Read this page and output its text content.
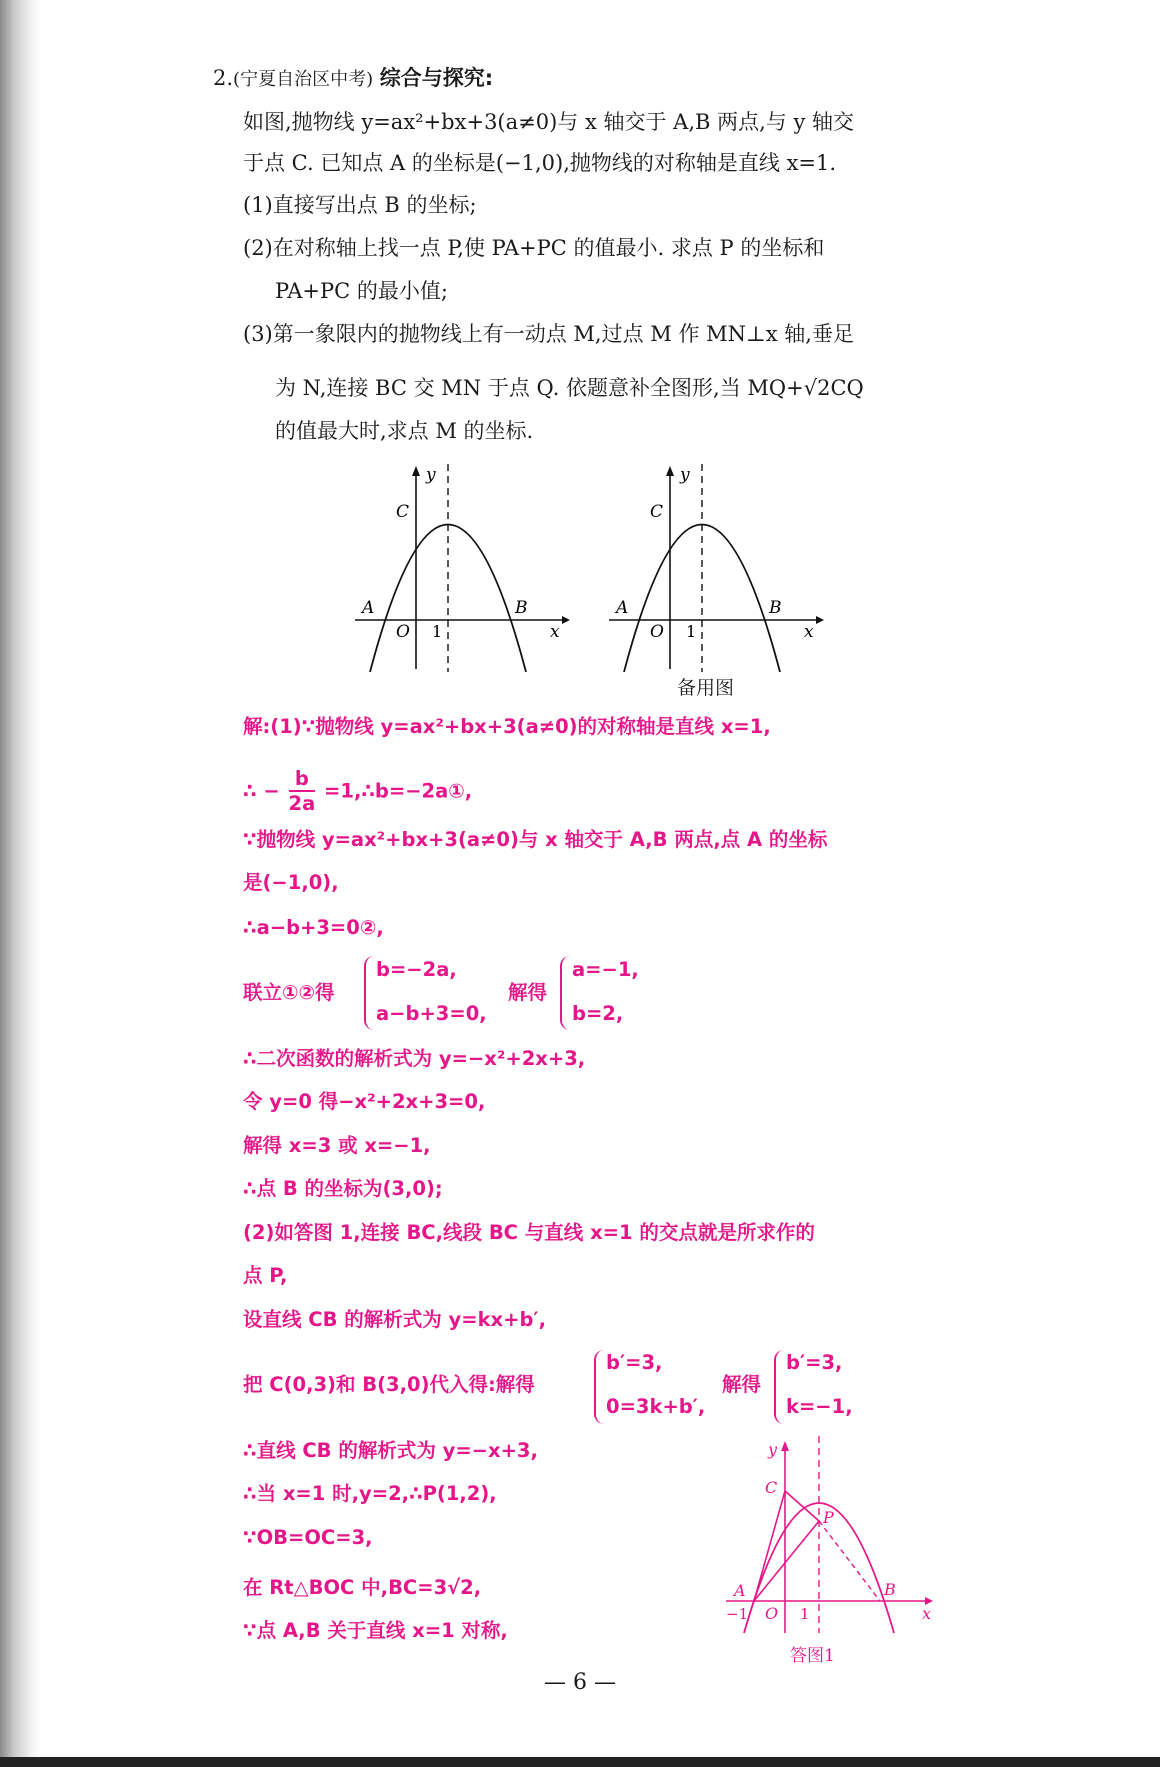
2.(宁夏自治区中考) 综合与探究:
如图,抛物线 y=ax²+bx+3(a≠0)与 x 轴交于 A,B 两点,与 y 轴交
于点 C. 已知点 A 的坐标是(−1,0),抛物线的对称轴是直线 x=1.
(1)直接写出点 B 的坐标;
(2)在对称轴上找一点 P,使 PA+PC 的值最小. 求点 P 的坐标和
PA+PC 的最小值;
(3)第一象限内的抛物线上有一动点 M,过点 M 作 MN⊥x 轴,垂足
为 N,连接 BC 交 MN 于点 Q. 依题意补全图形,当 MQ+√2CQ
的值最大时,求点 M 的坐标.
y
x
C
A	B
O 1
y
x
C
A	B
O 1
备用图
解:(1)∵抛物线 y=ax²+bx+3(a≠0)的对称轴是直线 x=1,
∴ − $\frac{b}{2a}$ =1,∴b=−2a①,
∵抛物线 y=ax²+bx+3(a≠0)与 x 轴交于 A,B 两点,点 A 的坐标
是(−1,0),
∴a−b+3=0②,
联立①②得
b=−2a,
a−b+3=0,
解得
a=−1,
b=2,
∴二次函数的解析式为 y=−x²+2x+3,
令 y=0 得−x²+2x+3=0,
解得 x=3 或 x=−1,
∴点 B 的坐标为(3,0);
(2)如答图 1,连接 BC,线段 BC 与直线 x=1 的交点就是所求作的
点 P,
设直线 CB 的解析式为 y=kx+b′,
把 C(0,3)和 B(3,0)代入得:解得
b′=3,
0=3k+b′,
解得
b′=3,
k=−1,
∴直线 CB 的解析式为 y=−x+3,
∴当 x=1 时,y=2,∴P(1,2),
∵OB=OC=3,
在 Rt△BOC 中,BC=3√2,
∵点 A,B 关于直线 x=1 对称,
y
x
C
P
A	B
O
−1	1
答图1
— 6 —
